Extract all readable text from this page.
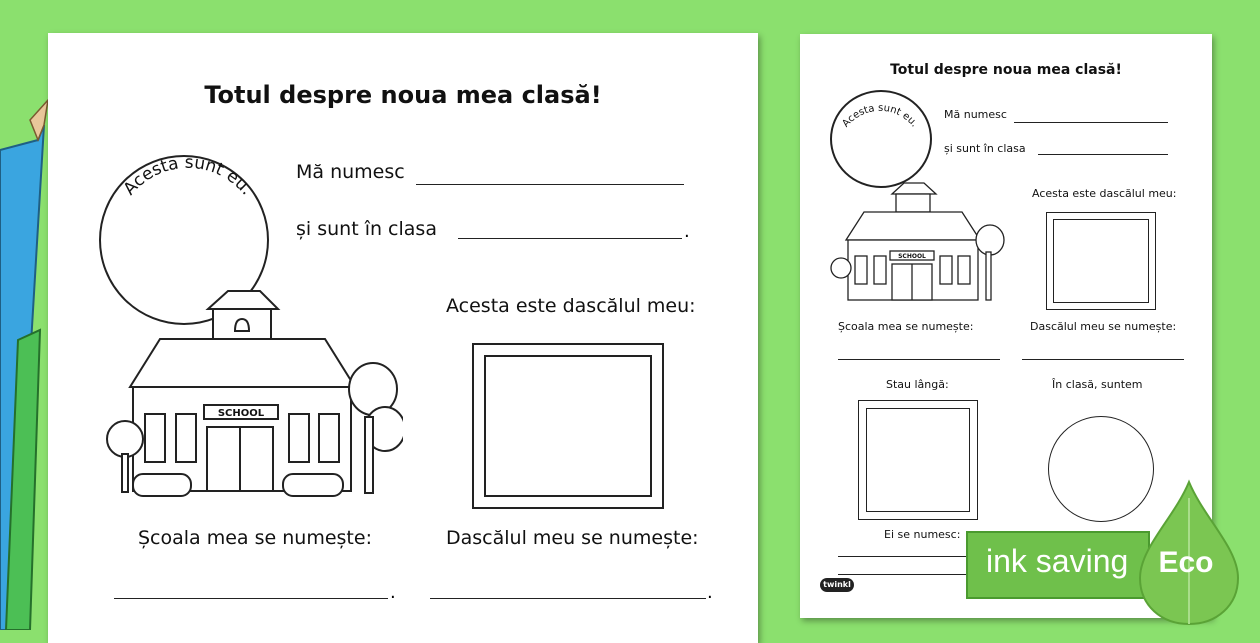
Totul despre noua mea clasă!
Acesta sunt eu.
Mă numesc
și sunt în clasa	.
Acesta este dascălul meu:
SCHOOL
Școala mea se numește:
.
Dascălul meu se numește:
.
Totul despre noua mea clasă!
Acesta sunt eu.
Mă numesc
și sunt în clasa
Acesta este dascălul meu:
SCHOOL
Școala mea se numește:	Dascălul meu se numește:
Stau lângă:	În clasă, suntem
Ei se numesc:
twinkl
ink saving Eco
